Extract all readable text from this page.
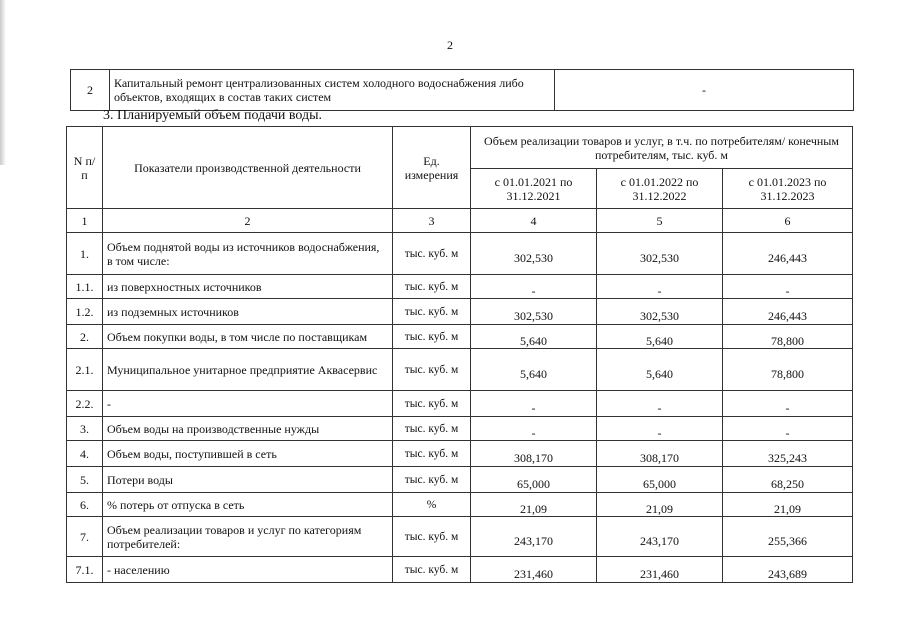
2
2	Капитальный ремонт централизованных систем холодного водоснабжения либо объектов, входящих в состав таких систем	-
3. Планируемый объем подачи воды.
N п/п	Показатели производственной деятельности	Ед. измерения	Объем реализации товаров и услуг, в т.ч. по потребителям/ конечным потребителям, тыс. куб. м		
			с 01.01.2021 по 31.12.2021	с 01.01.2022 по 31.12.2022	с 01.01.2023 по 31.12.2023
1	2	3	4	5	6
1.	Объем поднятой воды из источников водоснабжения, в том числе:	тыс. куб. м	302,530	302,530	246,443
1.1.	из поверхностных источников	тыс. куб. м	-	-	-
1.2.	из подземных источников	тыс. куб. м	302,530	302,530	246,443
2.	Объем покупки воды, в том числе по поставщикам	тыс. куб. м	5,640	5,640	78,800
2.1.	Муниципальное унитарное предприятие Аквасервис	тыс. куб. м	5,640	5,640	78,800
2.2.	-	тыс. куб. м	-	-	-
3.	Объем воды на производственные нужды	тыс. куб. м	-	-	-
4.	Объем воды, поступившей в сеть	тыс. куб. м	308,170	308,170	325,243
5.	Потери воды	тыс. куб. м	65,000	65,000	68,250
6.	% потерь от отпуска в сеть	%	21,09	21,09	21,09
7.	Объем реализации товаров и услуг по категориям потребителей:	тыс. куб. м	243,170	243,170	255,366
7.1.	- населению	тыс. куб. м	231,460	231,460	243,689
